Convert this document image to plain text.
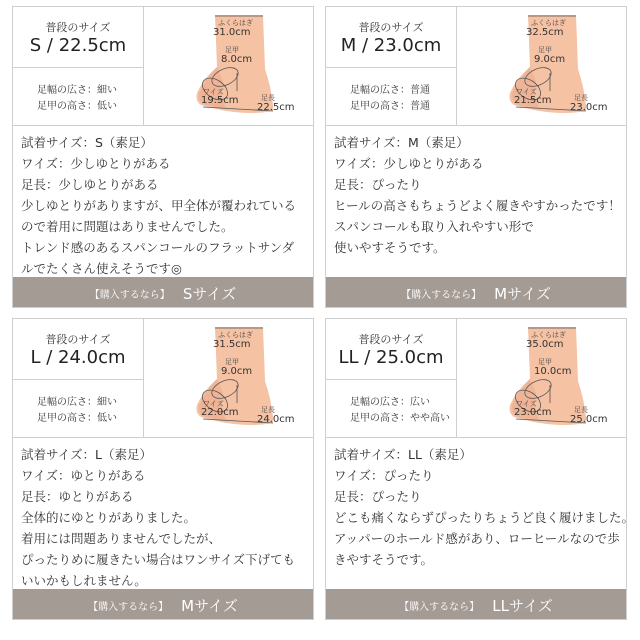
普段のサイズ
S / 22.5cm
足幅の広さ：細い
足甲の高さ：低い
ふくらはぎ
31.0cm
足甲
8.0cm
ワイズ
19.5cm	足長
22.5cm
試着サイズ：S（素足）
ワイズ：少しゆとりがある
足長：少しゆとりがある
少しゆとりがありますが、甲全体が覆われている
ので着用に問題はありませんでした。
トレンド感のあるスパンコールのフラットサンダ
ルでたくさん使えそうです◎
【購入するなら】 Sサイズ
普段のサイズ
M / 23.0cm
足幅の広さ：普通
足甲の高さ：普通
ふくらはぎ
32.5cm
足甲
9.0cm
ワイズ
21.5cm	足長
23.0cm
試着サイズ：M（素足）
ワイズ：少しゆとりがある
足長：ぴったり
ヒールの高さもちょうどよく履きやすかったです！
スパンコールも取り入れやすい形で
使いやすそうです。
【購入するなら】 Mサイズ
普段のサイズ
L / 24.0cm
足幅の広さ：細い
足甲の高さ：低い
ふくらはぎ
31.5cm
足甲
9.0cm
ワイズ
22.0cm	足長
24.0cm
試着サイズ：L（素足）
ワイズ：ゆとりがある
足長：ゆとりがある
全体的にゆとりがありました。
着用には問題ありませんでしたが、
ぴったりめに履きたい場合はワンサイズ下げても
いいかもしれません。
【購入するなら】 Mサイズ
普段のサイズ
LL / 25.0cm
足幅の広さ：広い
足甲の高さ：やや高い
ふくらはぎ
35.0cm
足甲
10.0cm
ワイズ
23.0cm	足長
25.0cm
試着サイズ：LL（素足）
ワイズ：ぴったり
足長：ぴったり
どこも痛くならずぴったりちょうど良く履けました。
アッパーのホールド感があり、ローヒールなので歩
きやすそうです。
【購入するなら】 LLサイズ
